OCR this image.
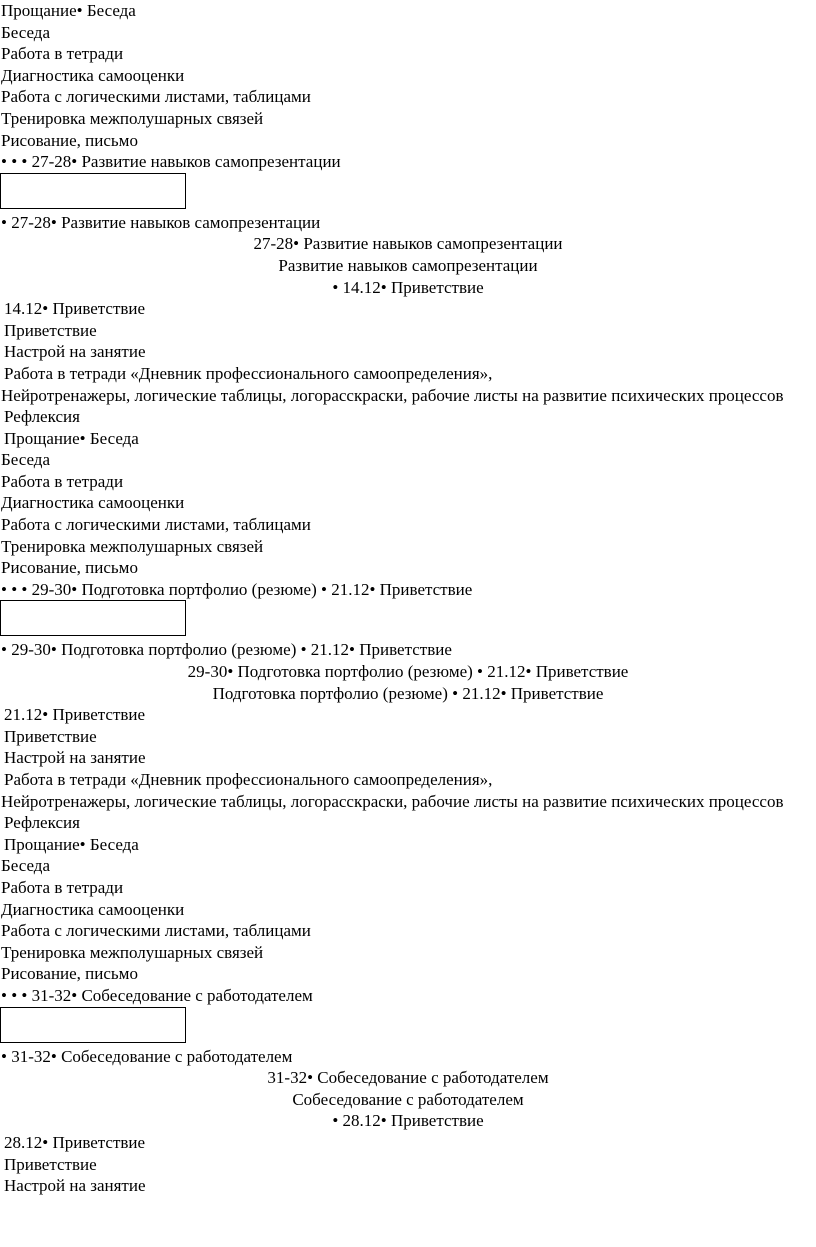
Прощание• Беседа
Беседа
Работа в тетради
Диагностика самооценки
Работа с логическими листами, таблицами
Тренировка межполушарных связей
Рисование, письмо
• • • 27-28• Развитие навыков самопрезентации
• 27-28• Развитие навыков самопрезентации
27-28• Развитие навыков самопрезентации
Развитие навыков самопрезентации
• 14.12• Приветствие
14.12• Приветствие
Приветствие
Настрой на занятие
Работа в тетради «Дневник профессионального самоопределения»,
Нейротренажеры, логические таблицы, логорасскраски, рабочие листы на развитие психических процессов
Рефлексия
Прощание• Беседа
Беседа
Работа в тетради
Диагностика самооценки
Работа с логическими листами, таблицами
Тренировка межполушарных связей
Рисование, письмо
• • • 29-30• Подготовка портфолио (резюме) • 21.12• Приветствие
• 29-30• Подготовка портфолио (резюме) • 21.12• Приветствие
29-30• Подготовка портфолио (резюме) • 21.12• Приветствие
Подготовка портфолио (резюме) • 21.12• Приветствие
21.12• Приветствие
Приветствие
Настрой на занятие
Работа в тетради «Дневник профессионального самоопределения»,
Нейротренажеры, логические таблицы, логорасскраски, рабочие листы на развитие психических процессов
Рефлексия
Прощание• Беседа
Беседа
Работа в тетради
Диагностика самооценки
Работа с логическими листами, таблицами
Тренировка межполушарных связей
Рисование, письмо
• • • 31-32• Собеседование с работодателем
• 31-32• Собеседование с работодателем
31-32• Собеседование с работодателем
Собеседование с работодателем
• 28.12• Приветствие
28.12• Приветствие
Приветствие
Настрой на занятие
